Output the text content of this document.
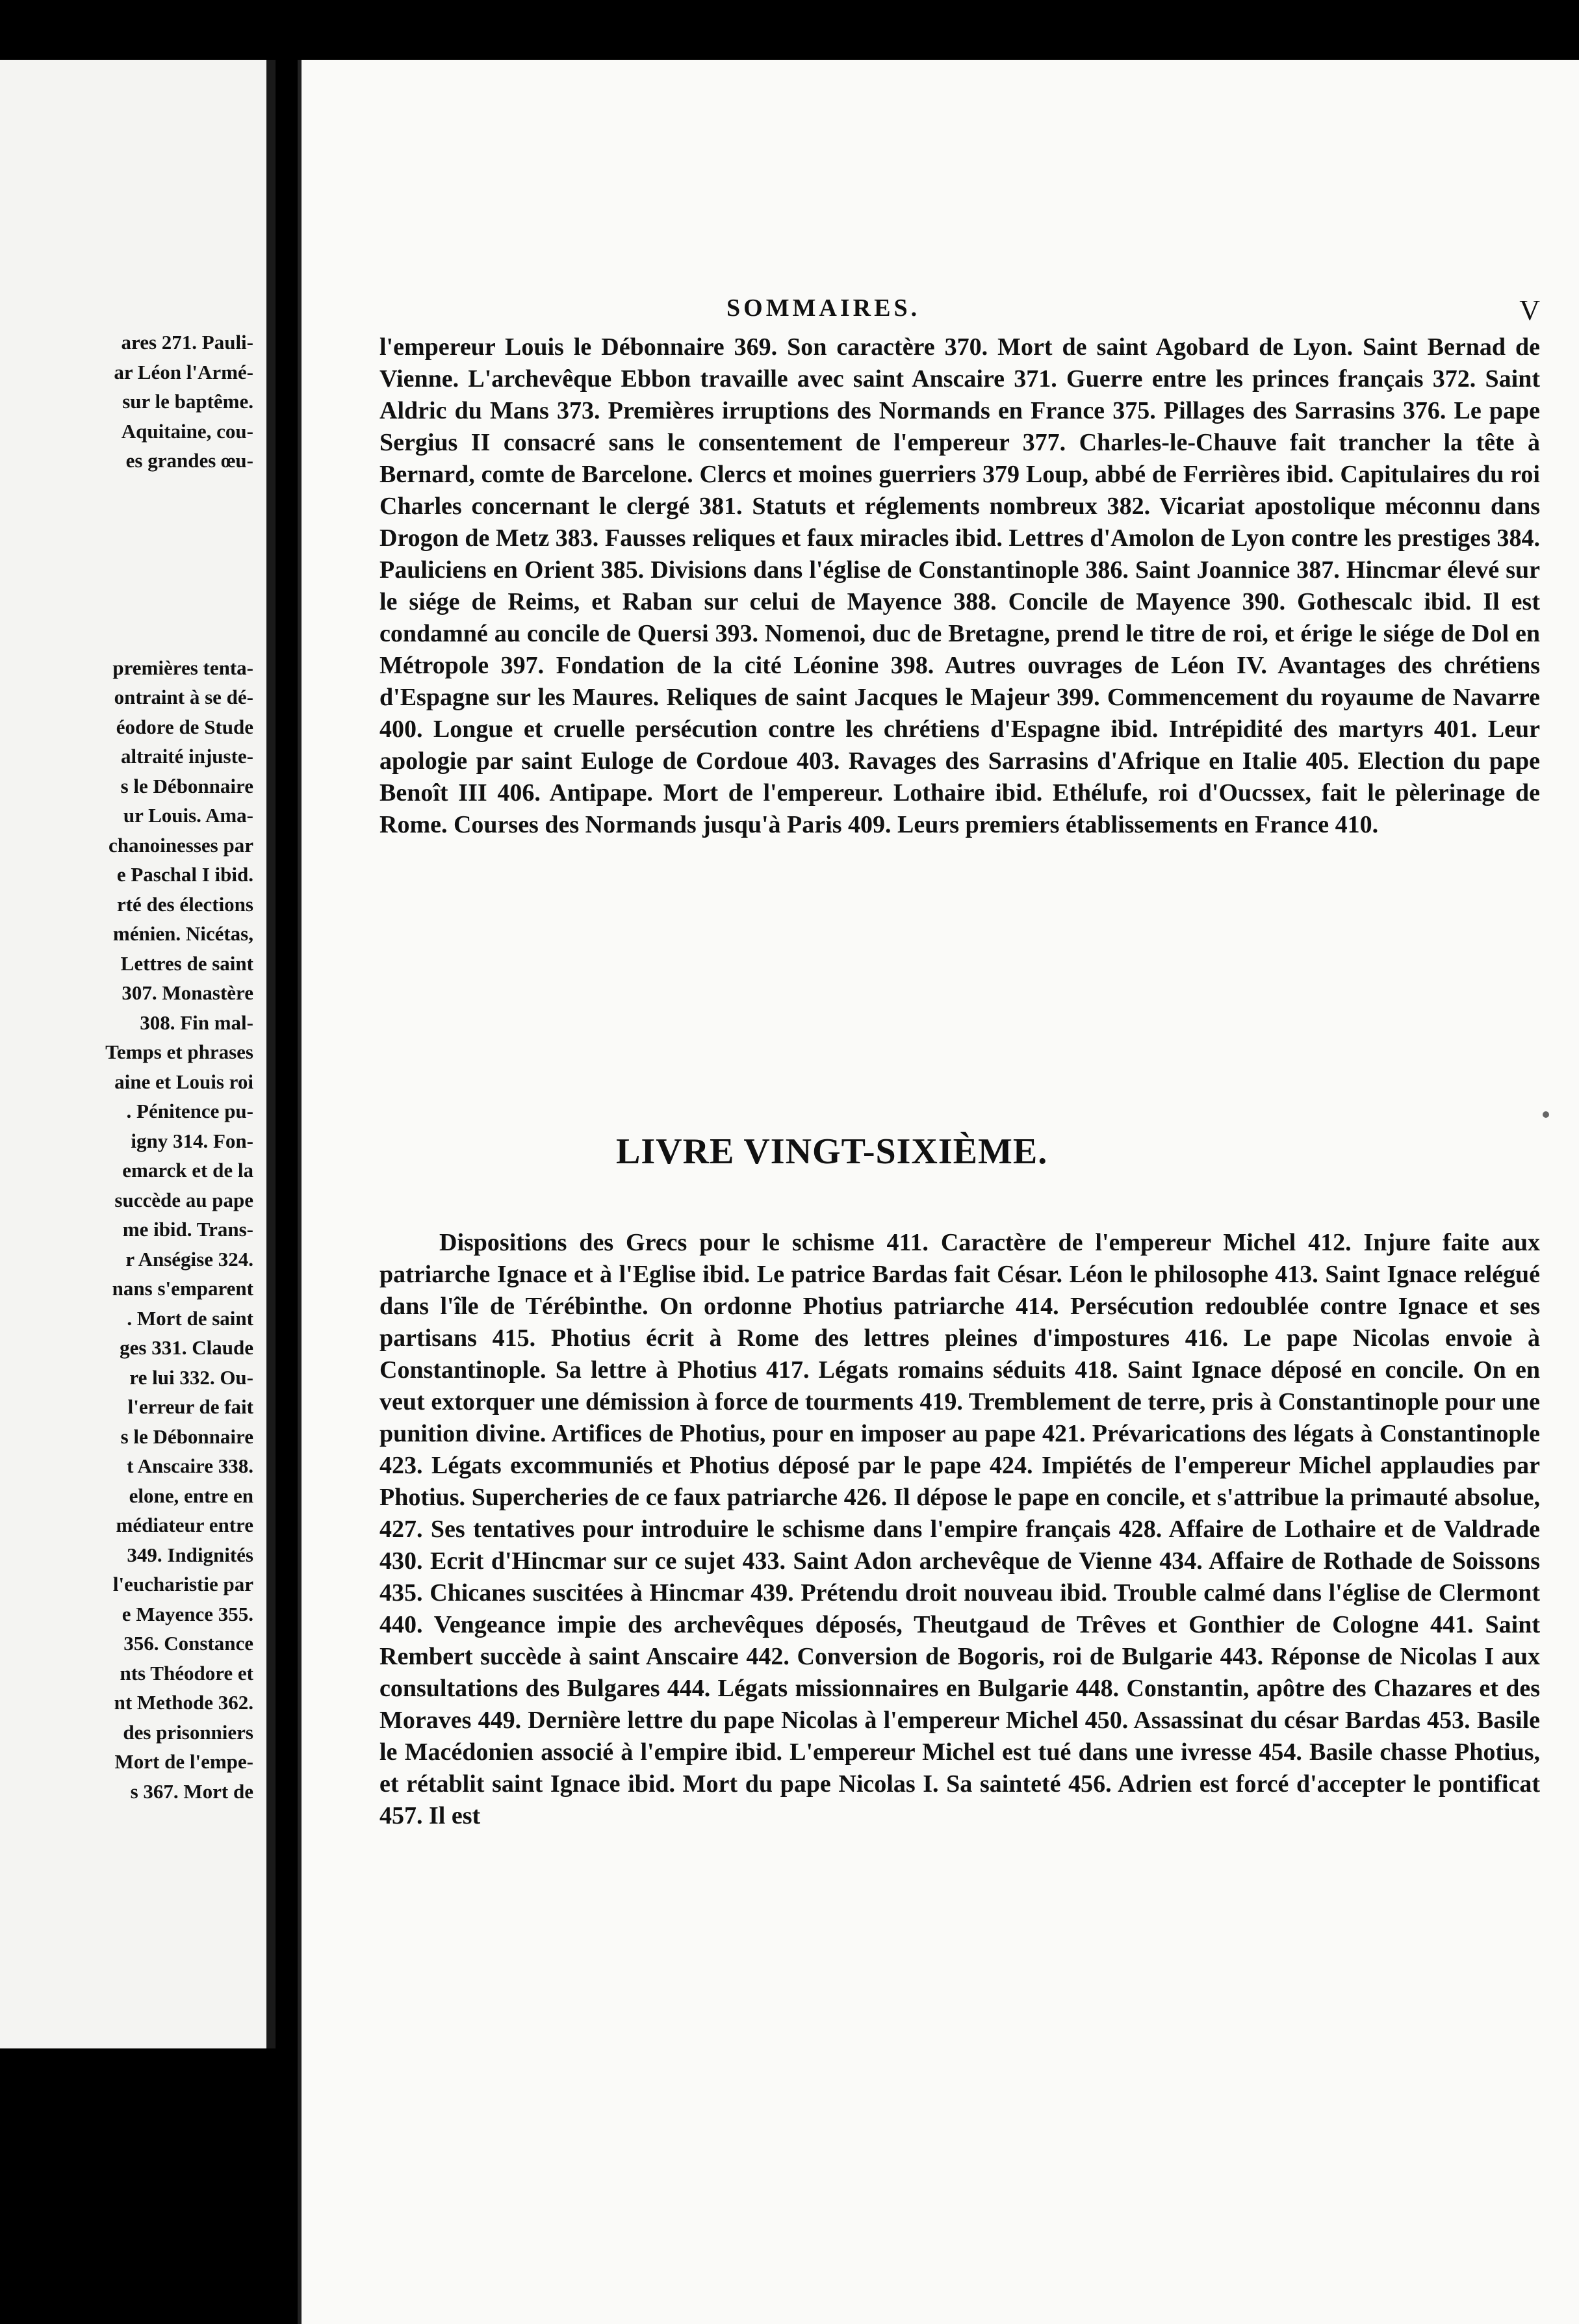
ares 271. Pauli-
ar Léon l'Armé-
sur le baptême.
Aquitaine, cou-
es grandes œu-

premières tenta-
ontraint à se dé-
éodore de Stude
altraité injuste-
s le Débonnaire
ur Louis. Ama-
chanoinesses par
e Paschal I ibid.
rté des élections
ménien. Nicétas,
Lettres de saint
307. Monastère
308. Fin mal-
Temps et phrases
aine et Louis roi
. Pénitence pu-
igny 314. Fon-
emarck et de la
succède au pape
me ibid. Trans-
r Anségise 324.
nans s'emparent
. Mort de saint
ges 331. Claude
re lui 332. Ou-
l'erreur de fait
s le Débonnaire
t Anscaire 338.
elone, entre en
médiateur entre
349. Indignités
l'eucharistie par
e Mayence 355.
356. Constance
nts Théodore et
nt Methode 362.
des prisonniers
Mort de l'empe-
s 367. Mort de
SOMMAIRES.	V

l'empereur Louis le Débonnaire 369. Son caractère 370. Mort de saint Agobard de Lyon. Saint Bernad de Vienne. L'archevêque Ebbon travaille avec saint Anscaire 371. Guerre entre les princes français 372. Saint Aldric du Mans 373. Premières irruptions des Normands en France 375. Pillages des Sarrasins 376. Le pape Sergius II consacré sans le consentement de l'empereur 377. Charles-le-Chauve fait trancher la tête à Bernard, comte de Barcelone. Clercs et moines guerriers 379 Loup, abbé de Ferrières ibid. Capitulaires du roi Charles concernant le clergé 381. Statuts et réglements nombreux 382. Vicariat apostolique méconnu dans Drogon de Metz 383. Fausses reliques et faux miracles ibid. Lettres d'Amolon de Lyon contre les prestiges 384. Pauliciens en Orient 385. Divisions dans l'église de Constantinople 386. Saint Joannice 387. Hincmar élevé sur le siége de Reims, et Raban sur celui de Mayence 388. Concile de Mayence 390. Gothescalc ibid. Il est condamné au concile de Quersi 393. Nomenoi, duc de Bretagne, prend le titre de roi, et érige le siége de Dol en Métropole 397. Fondation de la cité Léonine 398. Autres ouvrages de Léon IV. Avantages des chrétiens d'Espagne sur les Maures. Reliques de saint Jacques le Majeur 399. Commencement du royaume de Navarre 400. Longue et cruelle persécution contre les chrétiens d'Espagne ibid. Intrépidité des martyrs 401. Leur apologie par saint Euloge de Cordoue 403. Ravages des Sarrasins d'Afrique en Italie 405. Election du pape Benoît III 406. Antipape. Mort de l'empereur. Lothaire ibid. Ethélufe, roi d'Oucssex, fait le pèlerinage de Rome. Courses des Normands jusqu'à Paris 409. Leurs premiers établissements en France 410.

LIVRE VINGT-SIXIÈME.

Dispositions des Grecs pour le schisme 411. Caractère de l'empereur Michel 412. Injure faite aux patriarche Ignace et à l'Eglise ibid. Le patrice Bardas fait César. Léon le philosophe 413. Saint Ignace relégué dans l'île de Térébinthe. On ordonne Photius patriarche 414. Persécution redoublée contre Ignace et ses partisans 415. Photius écrit à Rome des lettres pleines d'impostures 416. Le pape Nicolas envoie à Constantinople. Sa lettre à Photius 417. Légats romains séduits 418. Saint Ignace déposé en concile. On en veut extorquer une démission à force de tourments 419. Tremblement de terre, pris à Constantinople pour une punition divine. Artifices de Photius, pour en imposer au pape 421. Prévarications des légats à Constantinople 423. Légats excommuniés et Photius déposé par le pape 424. Impiétés de l'empereur Michel applaudies par Photius. Supercheries de ce faux patriarche 426. Il dépose le pape en concile, et s'attribue la primauté absolue, 427. Ses tentatives pour introduire le schisme dans l'empire français 428. Affaire de Lothaire et de Valdrade 430. Ecrit d'Hincmar sur ce sujet 433. Saint Adon archevêque de Vienne 434. Affaire de Rothade de Soissons 435. Chicanes suscitées à Hincmar 439. Prétendu droit nouveau ibid. Trouble calmé dans l'église de Clermont 440. Vengeance impie des archevêques déposés, Theutgaud de Trêves et Gonthier de Cologne 441. Saint Rembert succède à saint Anscaire 442. Conversion de Bogoris, roi de Bulgarie 443. Réponse de Nicolas I aux consultations des Bulgares 444. Légats missionnaires en Bulgarie 448. Constantin, apôtre des Chazares et des Moraves 449. Dernière lettre du pape Nicolas à l'empereur Michel 450. Assassinat du césar Bardas 453. Basile le Macédonien associé à l'empire ibid. L'empereur Michel est tué dans une ivresse 454. Basile chasse Photius, et rétablit saint Ignace ibid. Mort du pape Nicolas I. Sa sainteté 456. Adrien est forcé d'accepter le pontificat 457. Il est
